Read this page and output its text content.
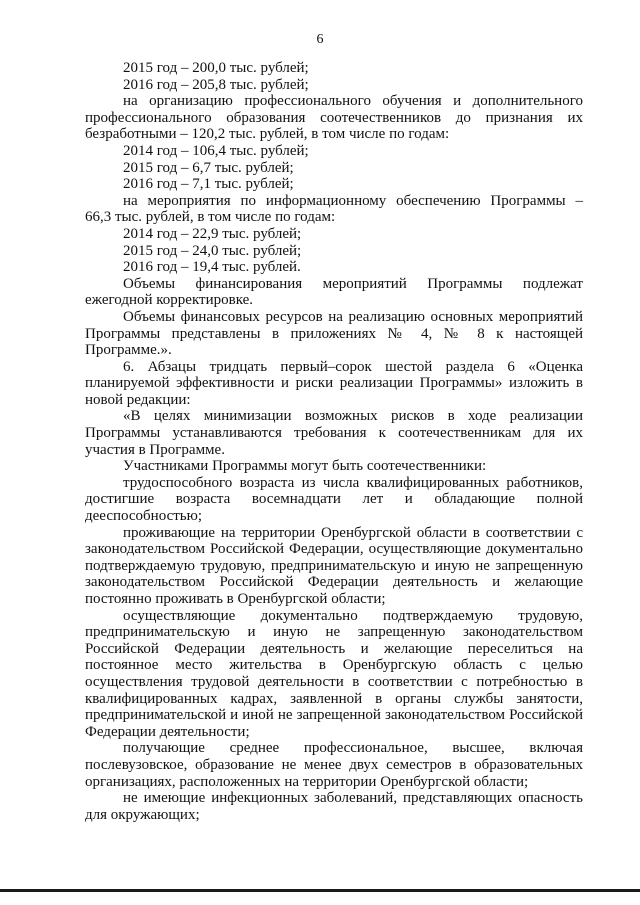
6
2015 год – 200,0 тыс. рублей;
2016 год – 205,8 тыс. рублей;
на организацию профессионального обучения и дополнительного
профессионального образования соотечественников до признания их
безработными – 120,2 тыс. рублей, в том числе по годам:
2014 год – 106,4 тыс. рублей;
2015 год – 6,7 тыс. рублей;
2016 год – 7,1 тыс. рублей;
на мероприятия по информационному обеспечению Программы –
66,3 тыс. рублей, в том числе по годам:
2014 год – 22,9 тыс. рублей;
2015 год – 24,0 тыс. рублей;
2016 год – 19,4 тыс. рублей.
Объемы финансирования мероприятий Программы подлежат
ежегодной корректировке.
Объемы финансовых ресурсов на реализацию основных мероприятий
Программы представлены в приложениях № 4, № 8 к настоящей
Программе.».
6. Абзацы тридцать первый–сорок шестой раздела 6 «Оценка
планируемой эффективности и риски реализации Программы» изложить в
новой редакции:
«В целях минимизации возможных рисков в ходе реализации
Программы устанавливаются требования к соотечественникам для их
участия в Программе.
Участниками Программы могут быть соотечественники:
трудоспособного возраста из числа квалифицированных работников,
достигшие возраста восемнадцати лет и обладающие полной
дееспособностью;
проживающие на территории Оренбургской области в соответствии с
законодательством Российской Федерации, осуществляющие документально
подтверждаемую трудовую, предпринимательскую и иную не запрещенную
законодательством Российской Федерации деятельность и желающие
постоянно проживать в Оренбургской области;
осуществляющие документально подтверждаемую трудовую,
предпринимательскую и иную не запрещенную законодательством
Российской Федерации деятельность и желающие переселиться на
постоянное место жительства в Оренбургскую область с целью
осуществления трудовой деятельности в соответствии с потребностью в
квалифицированных кадрах, заявленной в органы службы занятости,
предпринимательской и иной не запрещенной законодательством Российской
Федерации деятельности;
получающие среднее профессиональное, высшее, включая
послевузовское, образование не менее двух семестров в образовательных
организациях, расположенных на территории Оренбургской области;
не имеющие инфекционных заболеваний, представляющих опасность
для окружающих;
